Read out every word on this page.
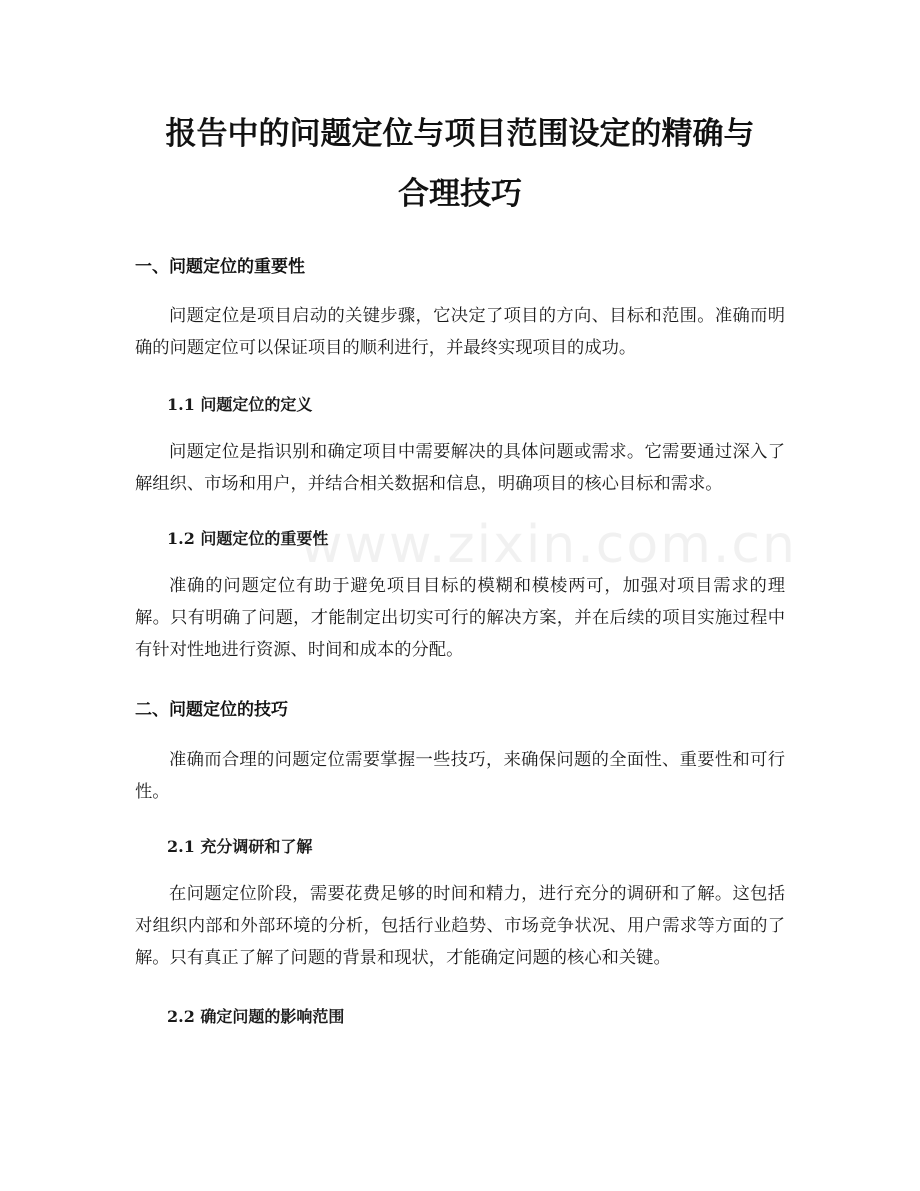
www.zixin.com.cn
报告中的问题定位与项目范围设定的精确与
合理技巧
一、问题定位的重要性

问题定位是项目启动的关键步骤，它决定了项目的方向、目标和范围。准确而明确的问题定位可以保证项目的顺利进行，并最终实现项目的成功。

1.1 问题定位的定义

问题定位是指识别和确定项目中需要解决的具体问题或需求。它需要通过深入了解组织、市场和用户，并结合相关数据和信息，明确项目的核心目标和需求。

1.2 问题定位的重要性

准确的问题定位有助于避免项目目标的模糊和模棱两可，加强对项目需求的理解。只有明确了问题，才能制定出切实可行的解决方案，并在后续的项目实施过程中有针对性地进行资源、时间和成本的分配。

二、问题定位的技巧

准确而合理的问题定位需要掌握一些技巧，来确保问题的全面性、重要性和可行性。

2.1 充分调研和了解

在问题定位阶段，需要花费足够的时间和精力，进行充分的调研和了解。这包括对组织内部和外部环境的分析，包括行业趋势、市场竞争状况、用户需求等方面的了解。只有真正了解了问题的背景和现状，才能确定问题的核心和关键。

2.2 确定问题的影响范围
